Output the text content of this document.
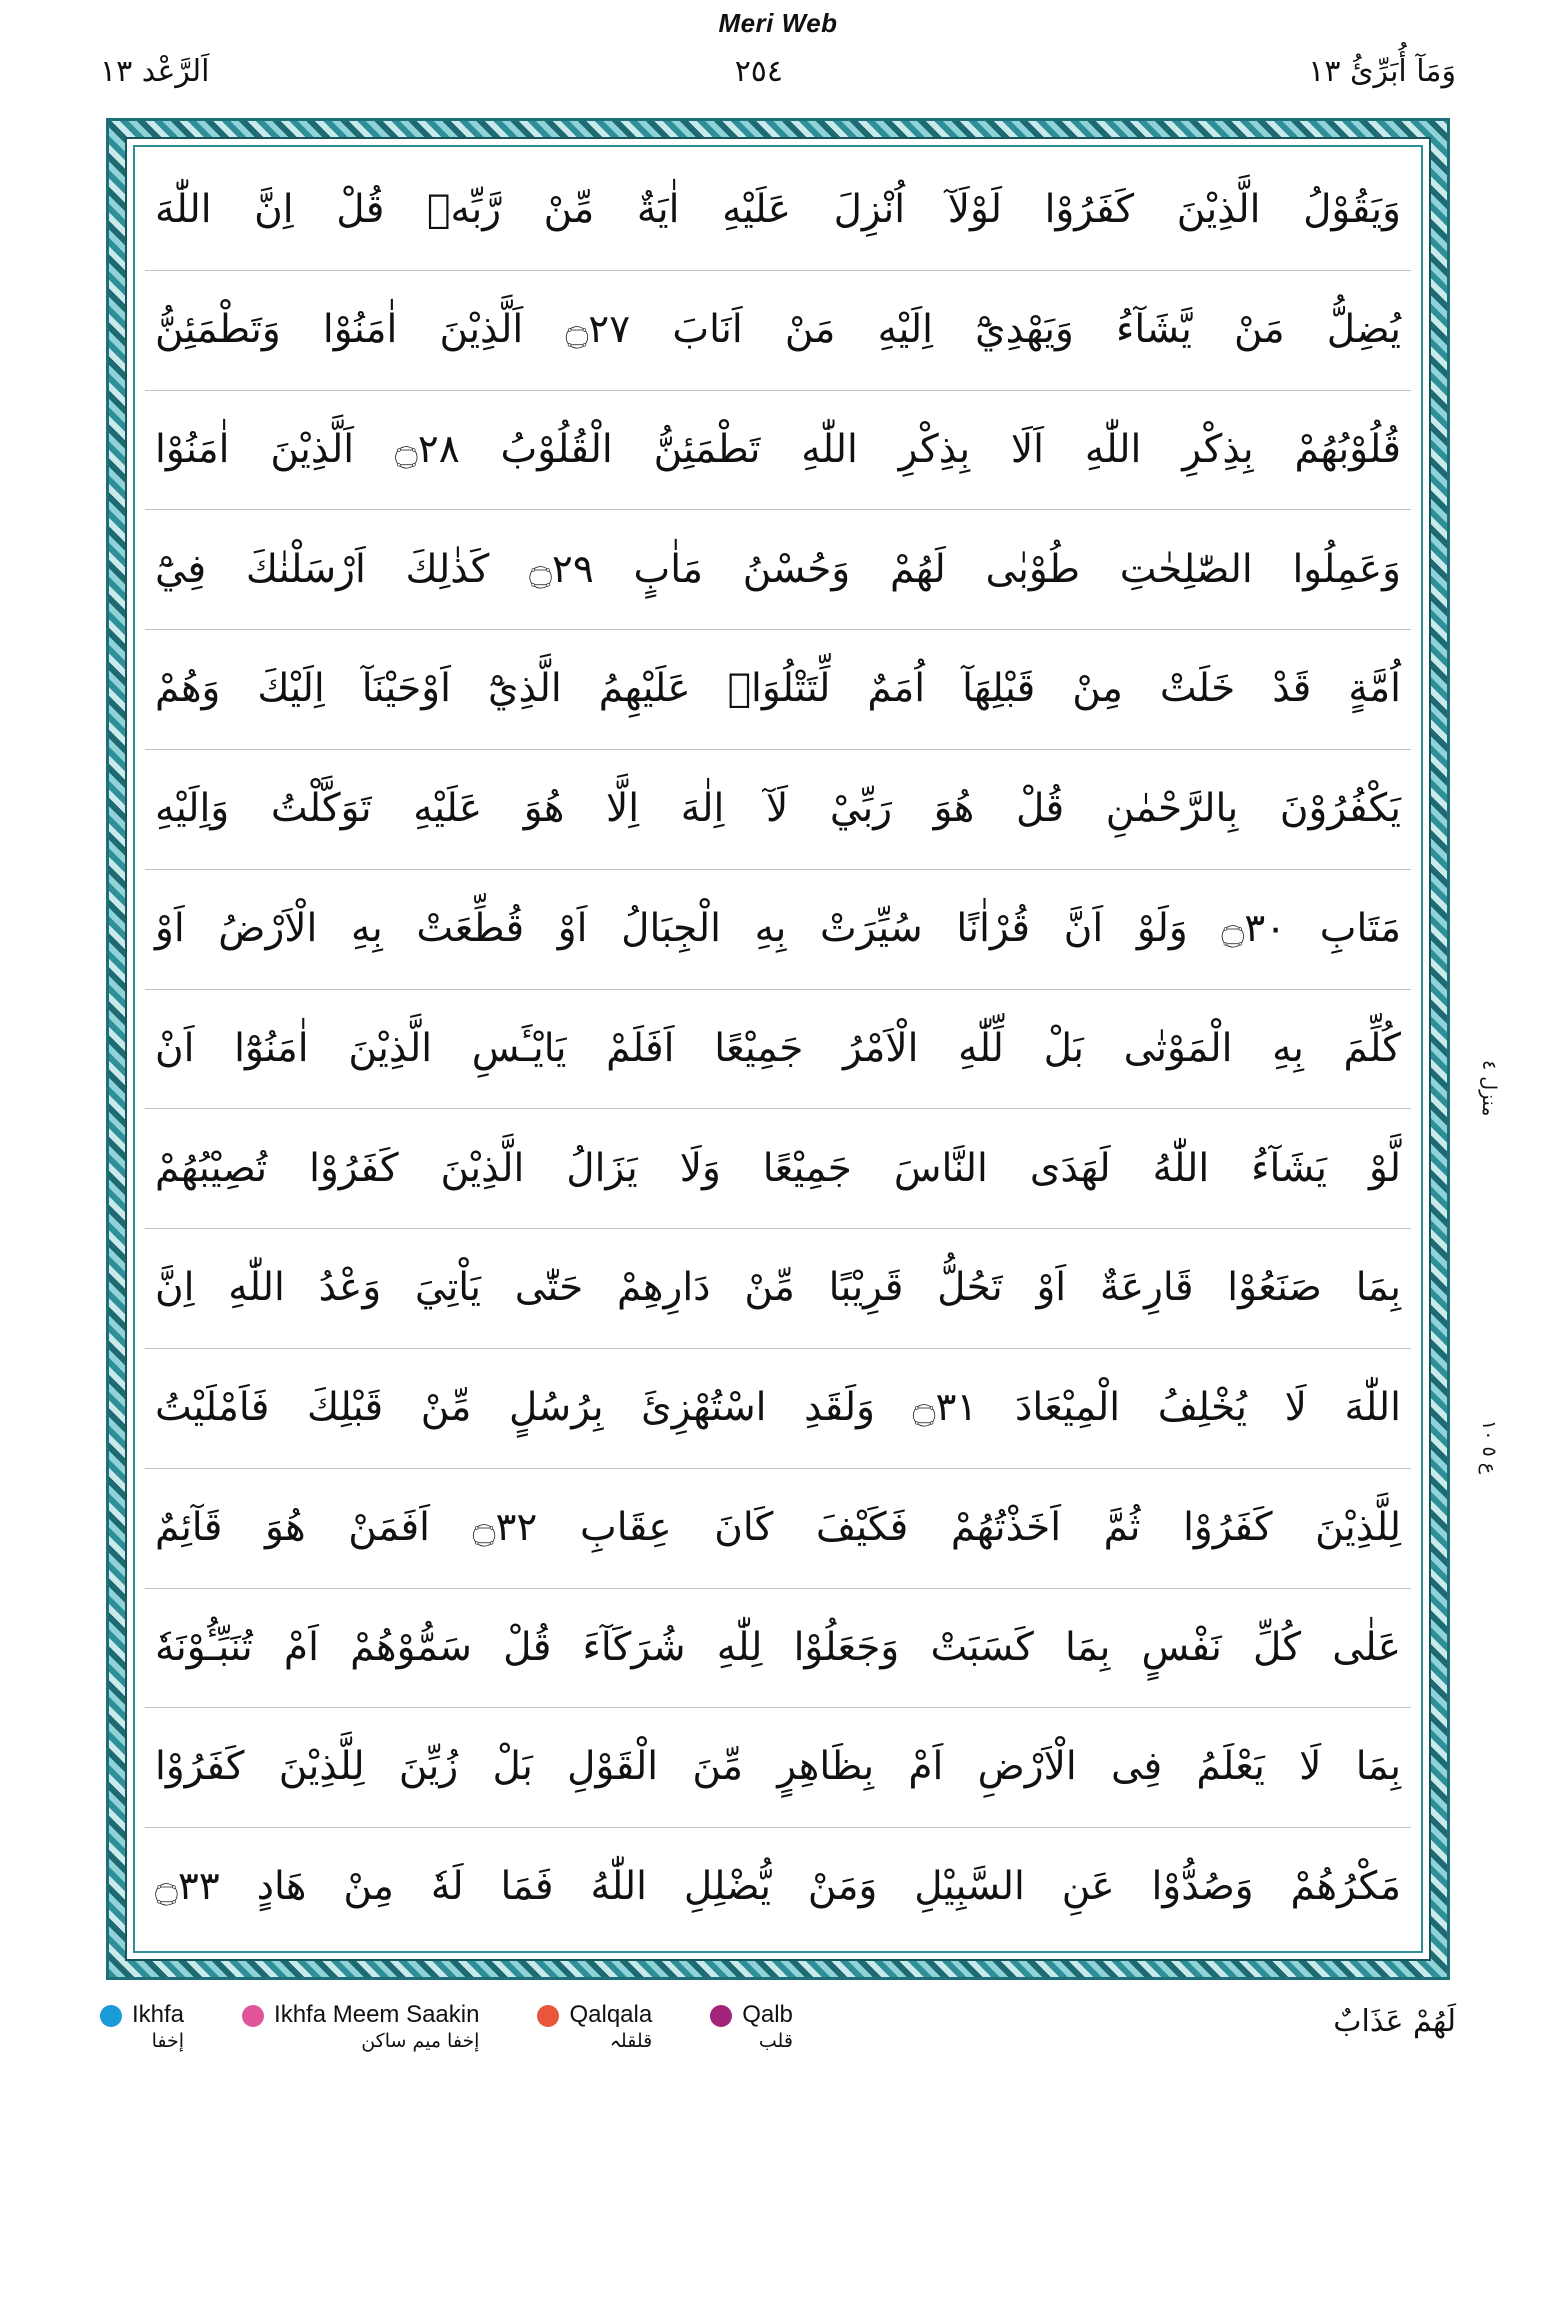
Meri Web
وَمَآ أُبَرِّئُ ١٣
٢٥٤
اَلرَّعْد ١٣
وَيَقُوْلُ الَّذِيْنَ كَفَرُوْا لَوْلَآ اُنْزِلَ عَلَيْهِ اٰيَةٌ مِّنْ رَّبِّهٖ قُلْ اِنَّ اللّٰهَ
يُضِلُّ مَنْ يَّشَآءُ وَيَهْدِيْٓ اِلَيْهِ مَنْ اَنَابَ ۝۲۷ اَلَّذِيْنَ اٰمَنُوْا وَتَطْمَئِنُّ
قُلُوْبُهُمْ بِذِكْرِ اللّٰهِ اَلَا بِذِكْرِ اللّٰهِ تَطْمَئِنُّ الْقُلُوْبُ ۝۲۸ اَلَّذِيْنَ اٰمَنُوْا
وَعَمِلُوا الصّٰلِحٰتِ طُوْبٰى لَهُمْ وَحُسْنُ مَاٰبٍ ۝۲۹ كَذٰلِكَ اَرْسَلْنٰكَ فِيْٓ
اُمَّةٍ قَدْ خَلَتْ مِنْ قَبْلِهَآ اُمَمٌ لِّتَتْلُوَا۟ عَلَيْهِمُ الَّذِيْٓ اَوْحَيْنَآ اِلَيْكَ وَهُمْ
يَكْفُرُوْنَ بِالرَّحْمٰنِ قُلْ هُوَ رَبِّيْ لَآ اِلٰهَ اِلَّا هُوَ عَلَيْهِ تَوَكَّلْتُ وَاِلَيْهِ
مَتَابِ ۝۳۰ وَلَوْ اَنَّ قُرْاٰنًا سُيِّرَتْ بِهِ الْجِبَالُ اَوْ قُطِّعَتْ بِهِ الْاَرْضُ اَوْ
كُلِّمَ بِهِ الْمَوْتٰى بَلْ لِّلّٰهِ الْاَمْرُ جَمِيْعًا اَفَلَمْ يَايْـَٔسِ الَّذِيْنَ اٰمَنُوْٓا اَنْ
لَّوْ يَشَآءُ اللّٰهُ لَهَدَى النَّاسَ جَمِيْعًا وَلَا يَزَالُ الَّذِيْنَ كَفَرُوْا تُصِيْبُهُمْ
بِمَا صَنَعُوْا قَارِعَةٌ اَوْ تَحُلُّ قَرِيْبًا مِّنْ دَارِهِمْ حَتّٰى يَاْتِيَ وَعْدُ اللّٰهِ اِنَّ
اللّٰهَ لَا يُخْلِفُ الْمِيْعَادَ ۝۳۱ وَلَقَدِ اسْتُهْزِئَ بِرُسُلٍ مِّنْ قَبْلِكَ فَاَمْلَيْتُ
لِلَّذِيْنَ كَفَرُوْا ثُمَّ اَخَذْتُهُمْ فَكَيْفَ كَانَ عِقَابِ ۝۳۲ اَفَمَنْ هُوَ قَآئِمٌ
عَلٰى كُلِّ نَفْسٍ بِمَا كَسَبَتْ وَجَعَلُوْا لِلّٰهِ شُرَكَآءَ قُلْ سَمُّوْهُمْ اَمْ تُنَبِّـُٔوْنَهٗ
بِمَا لَا يَعْلَمُ فِى الْاَرْضِ اَمْ بِظَاهِرٍ مِّنَ الْقَوْلِ بَلْ زُيِّنَ لِلَّذِيْنَ كَفَرُوْا
مَكْرُهُمْ وَصُدُّوْا عَنِ السَّبِيْلِ وَمَنْ يُّضْلِلِ اللّٰهُ فَمَا لَهٗ مِنْ هَادٍ ۝۳۳
منزل ٤
ع ٥ ١٠
لَهُمْ عَذَابٌ
Ikhfa
إخفا
Ikhfa Meem Saakin
إخفا میم ساکن
Qalqala
قلقلہ
Qalb
قلب
